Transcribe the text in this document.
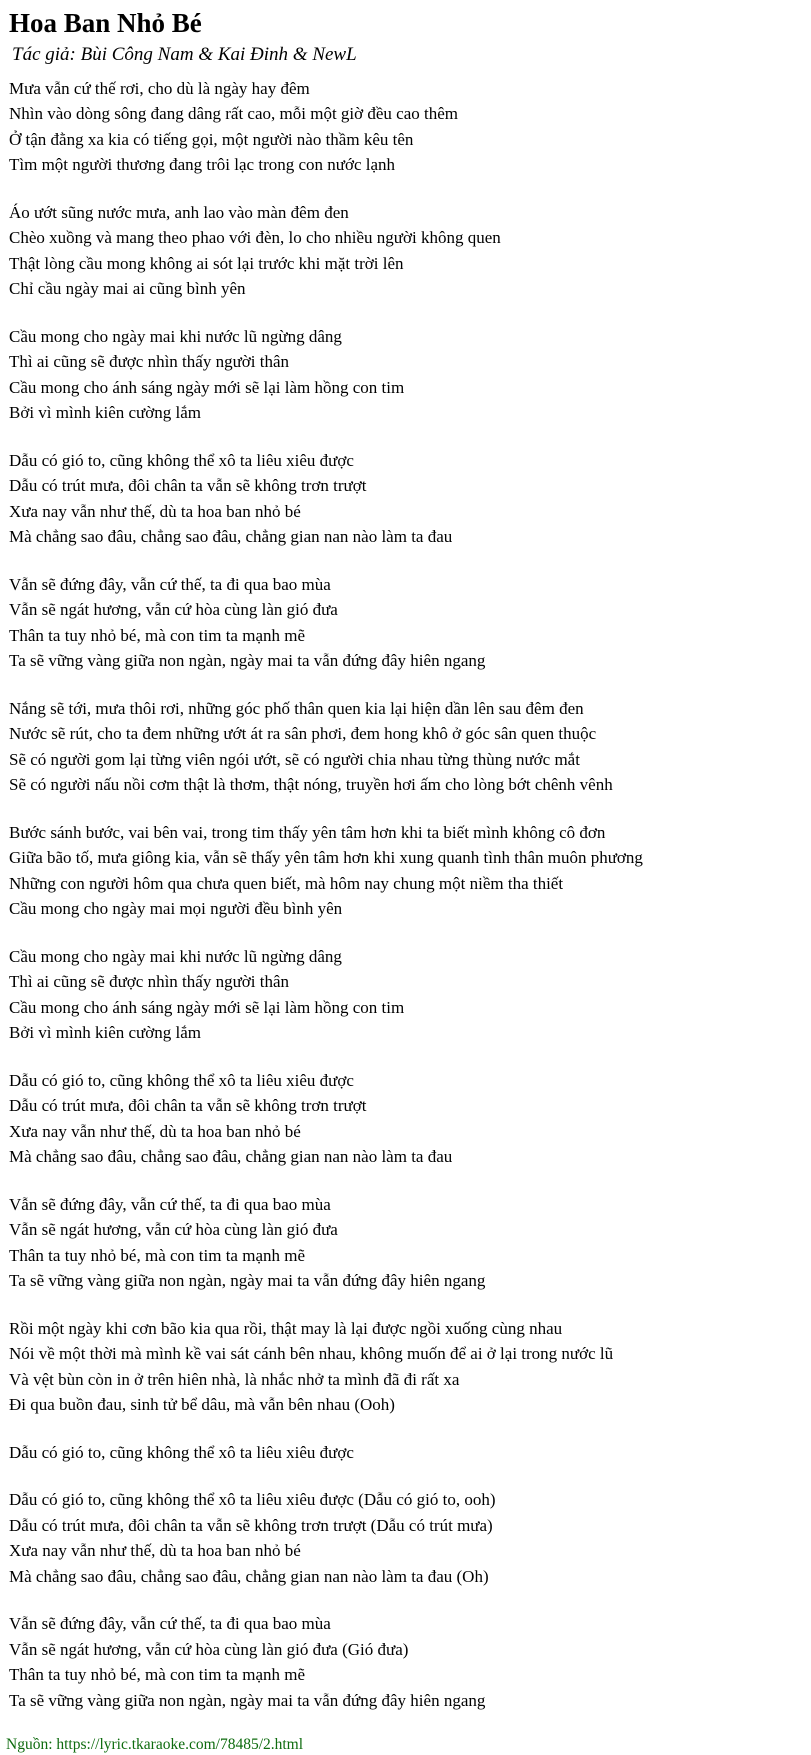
Hoa Ban Nhỏ Bé
Tác giả: Bùi Công Nam & Kai Đinh & NewL

Mưa vẫn cứ thế rơi, cho dù là ngày hay đêm
Nhìn vào dòng sông đang dâng rất cao, mỗi một giờ đều cao thêm
Ở tận đằng xa kia có tiếng gọi, một người nào thầm kêu tên
Tìm một người thương đang trôi lạc trong con nước lạnh

Áo ướt sũng nước mưa, anh lao vào màn đêm đen
Chèo xuồng và mang theo phao với đèn, lo cho nhiều người không quen
Thật lòng cầu mong không ai sót lại trước khi mặt trời lên
Chỉ cầu ngày mai ai cũng bình yên

Cầu mong cho ngày mai khi nước lũ ngừng dâng
Thì ai cũng sẽ được nhìn thấy người thân
Cầu mong cho ánh sáng ngày mới sẽ lại làm hồng con tim
Bởi vì mình kiên cường lắm

Dẫu có gió to, cũng không thể xô ta liêu xiêu được
Dẫu có trút mưa, đôi chân ta vẫn sẽ không trơn trượt
Xưa nay vẫn như thế, dù ta hoa ban nhỏ bé
Mà chẳng sao đâu, chẳng sao đâu, chẳng gian nan nào làm ta đau

Vẫn sẽ đứng đây, vẫn cứ thế, ta đi qua bao mùa
Vẫn sẽ ngát hương, vẫn cứ hòa cùng làn gió đưa
Thân ta tuy nhỏ bé, mà con tim ta mạnh mẽ
Ta sẽ vững vàng giữa non ngàn, ngày mai ta vẫn đứng đây hiên ngang

Nắng sẽ tới, mưa thôi rơi, những góc phố thân quen kia lại hiện dần lên sau đêm đen
Nước sẽ rút, cho ta đem những ướt át ra sân phơi, đem hong khô ở góc sân quen thuộc
Sẽ có người gom lại từng viên ngói ướt, sẽ có người chia nhau từng thùng nước mắt
Sẽ có người nấu nồi cơm thật là thơm, thật nóng, truyền hơi ấm cho lòng bớt chênh vênh

Bước sánh bước, vai bên vai, trong tim thấy yên tâm hơn khi ta biết mình không cô đơn
Giữa bão tố, mưa giông kia, vẫn sẽ thấy yên tâm hơn khi xung quanh tình thân muôn phương
Những con người hôm qua chưa quen biết, mà hôm nay chung một niềm tha thiết
Cầu mong cho ngày mai mọi người đều bình yên

Cầu mong cho ngày mai khi nước lũ ngừng dâng
Thì ai cũng sẽ được nhìn thấy người thân
Cầu mong cho ánh sáng ngày mới sẽ lại làm hồng con tim
Bởi vì mình kiên cường lắm

Dẫu có gió to, cũng không thể xô ta liêu xiêu được
Dẫu có trút mưa, đôi chân ta vẫn sẽ không trơn trượt
Xưa nay vẫn như thế, dù ta hoa ban nhỏ bé
Mà chẳng sao đâu, chẳng sao đâu, chẳng gian nan nào làm ta đau

Vẫn sẽ đứng đây, vẫn cứ thế, ta đi qua bao mùa
Vẫn sẽ ngát hương, vẫn cứ hòa cùng làn gió đưa
Thân ta tuy nhỏ bé, mà con tim ta mạnh mẽ
Ta sẽ vững vàng giữa non ngàn, ngày mai ta vẫn đứng đây hiên ngang

Rồi một ngày khi cơn bão kia qua rồi, thật may là lại được ngồi xuống cùng nhau
Nói về một thời mà mình kề vai sát cánh bên nhau, không muốn để ai ở lại trong nước lũ
Và vệt bùn còn in ở trên hiên nhà, là nhắc nhở ta mình đã đi rất xa
Đi qua buồn đau, sinh tử bể dâu, mà vẫn bên nhau (Ooh)

Dẫu có gió to, cũng không thể xô ta liêu xiêu được

Dẫu có gió to, cũng không thể xô ta liêu xiêu được (Dẫu có gió to, ooh)
Dẫu có trút mưa, đôi chân ta vẫn sẽ không trơn trượt (Dẫu có trút mưa)
Xưa nay vẫn như thế, dù ta hoa ban nhỏ bé
Mà chẳng sao đâu, chẳng sao đâu, chẳng gian nan nào làm ta đau (Oh)

Vẫn sẽ đứng đây, vẫn cứ thế, ta đi qua bao mùa
Vẫn sẽ ngát hương, vẫn cứ hòa cùng làn gió đưa (Gió đưa)
Thân ta tuy nhỏ bé, mà con tim ta mạnh mẽ
Ta sẽ vững vàng giữa non ngàn, ngày mai ta vẫn đứng đây hiên ngang

Nguồn: https://lyric.tkaraoke.com/78485/2.html
